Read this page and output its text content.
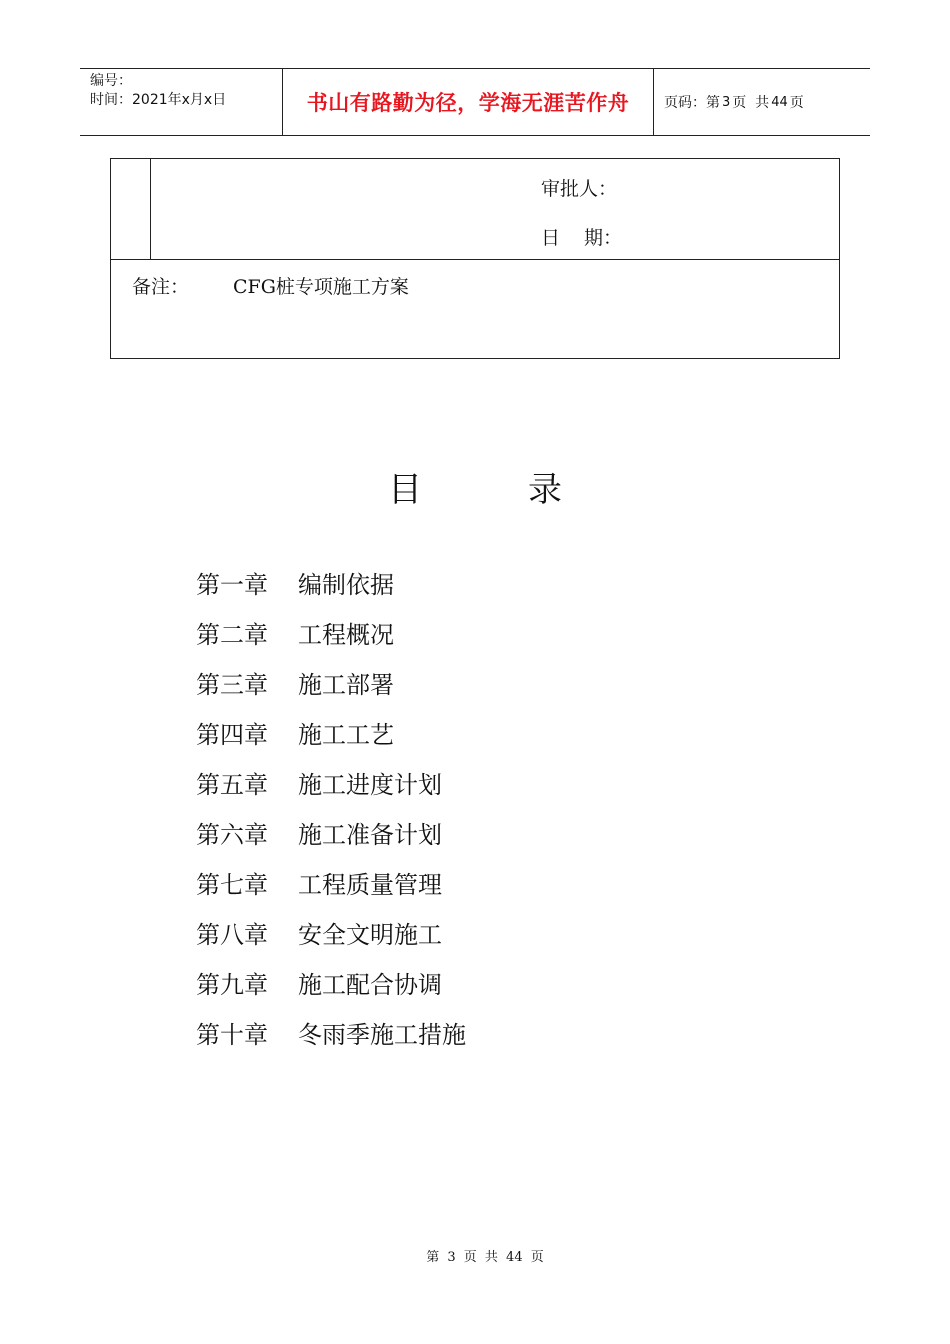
编号：
时间：2021年x月x日	书山有路勤为径，学海无涯苦作舟	页码：第 3 页  共 44 页
审批人：
日 期：
备注： CFG桩专项施工方案
目录
第一章 编制依据
第二章 工程概况
第三章 施工部署
第四章 施工工艺
第五章 施工进度计划
第六章 施工准备计划
第七章 工程质量管理
第八章 安全文明施工
第九章 施工配合协调
第十章 冬雨季施工措施
第 3 页 共 44 页
